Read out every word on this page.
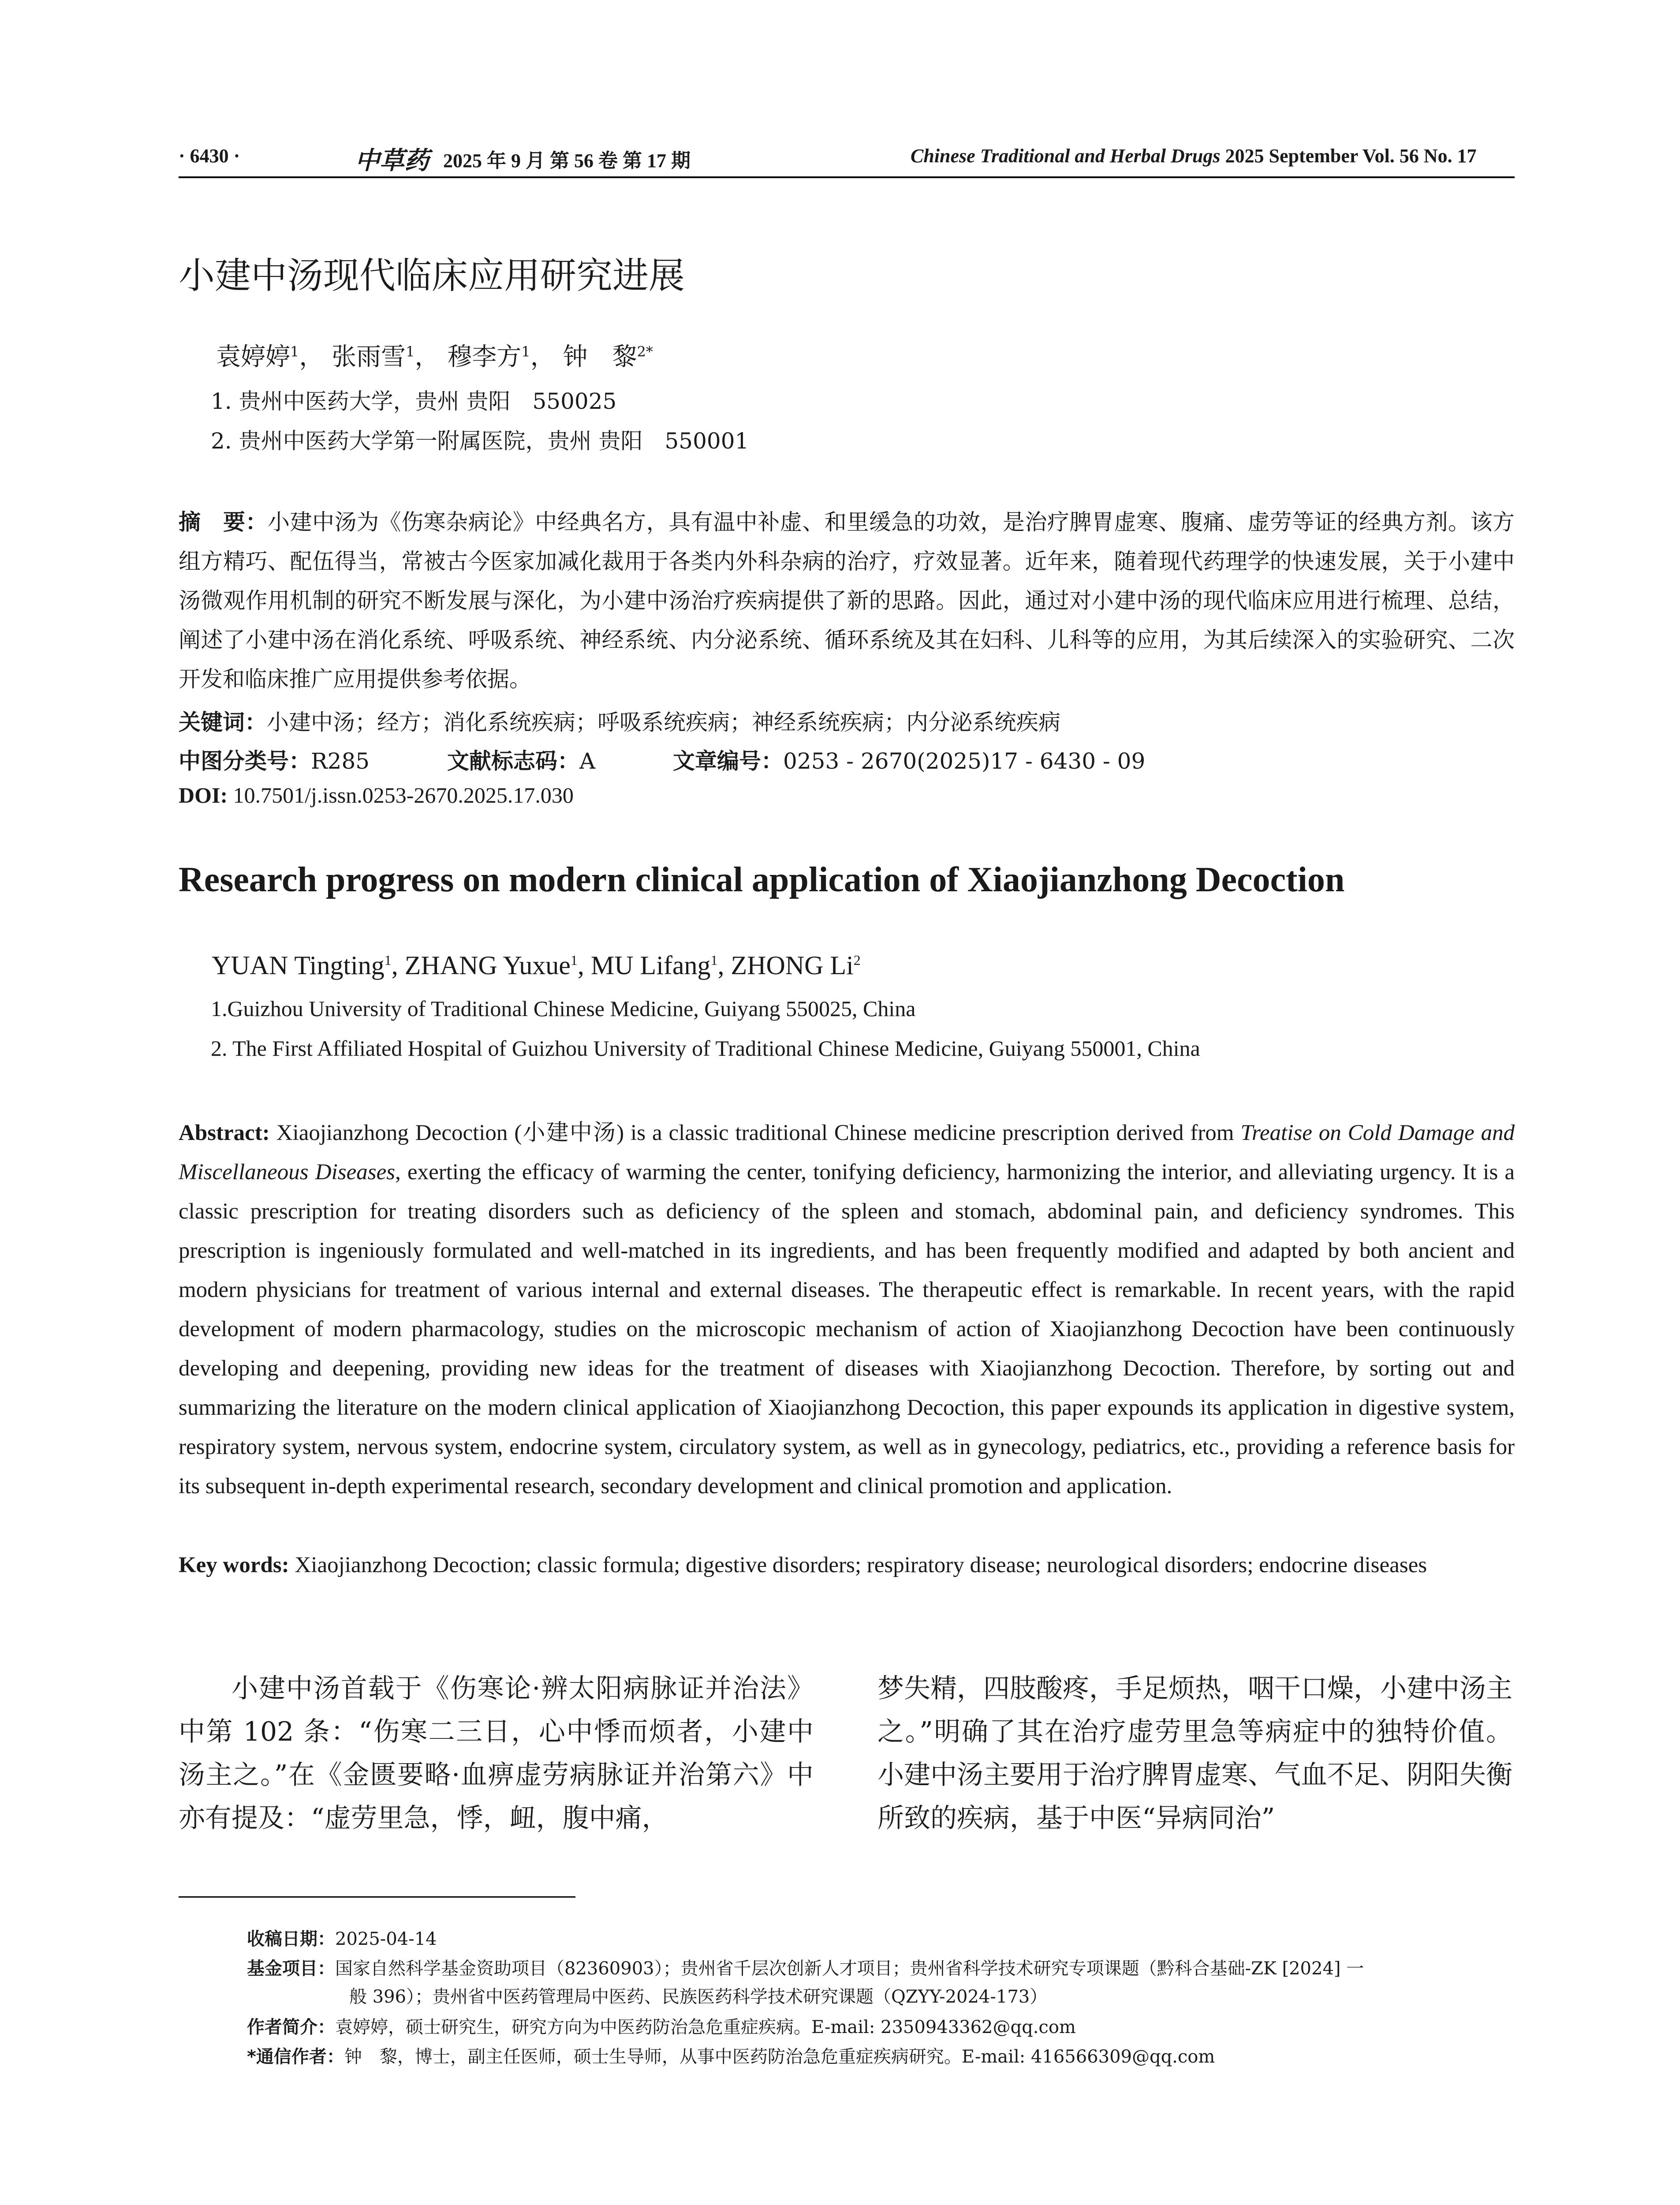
· 6430 ·	中草药 2025 年 9 月 第 56 卷 第 17 期	Chinese Traditional and Herbal Drugs 2025 September Vol. 56 No. 17
小建中汤现代临床应用研究进展
袁婷婷$^1$， 张雨雪$^1$， 穆李方$^1$， 钟　黎$^{2*}$
1. 贵州中医药大学，贵州 贵阳　550025
2. 贵州中医药大学第一附属医院，贵州 贵阳　550001
摘　要：小建中汤为《伤寒杂病论》中经典名方，具有温中补虚、和里缓急的功效，是治疗脾胃虚寒、腹痛、虚劳等证的经典方剂。该方组方精巧、配伍得当，常被古今医家加减化裁用于各类内外科杂病的治疗，疗效显著。近年来，随着现代药理学的快速发展，关于小建中汤微观作用机制的研究不断发展与深化，为小建中汤治疗疾病提供了新的思路。因此，通过对小建中汤的现代临床应用进行梳理、总结，阐述了小建中汤在消化系统、呼吸系统、神经系统、内分泌系统、循环系统及其在妇科、儿科等的应用，为其后续深入的实验研究、二次开发和临床推广应用提供参考依据。
关键词：小建中汤；经方；消化系统疾病；呼吸系统疾病；神经系统疾病；内分泌系统疾病
中图分类号：R285	文献标志码：A	文章编号：0253 - 2670(2025)17 - 6430 - 09
DOI: 10.7501/j.issn.0253-2670.2025.17.030
Research progress on modern clinical application of Xiaojianzhong Decoction
YUAN Tingting$^1$, ZHANG Yuxue$^1$, MU Lifang$^1$, ZHONG Li$^2$
1.Guizhou University of Traditional Chinese Medicine, Guiyang 550025, China
2. The First Affiliated Hospital of Guizhou University of Traditional Chinese Medicine, Guiyang 550001, China
Abstract: Xiaojianzhong Decoction (小建中汤) is a classic traditional Chinese medicine prescription derived from Treatise on Cold Damage and Miscellaneous Diseases, exerting the efficacy of warming the center, tonifying deficiency, harmonizing the interior, and alleviating urgency. It is a classic prescription for treating disorders such as deficiency of the spleen and stomach, abdominal pain, and deficiency syndromes. This prescription is ingeniously formulated and well-matched in its ingredients, and has been frequently modified and adapted by both ancient and modern physicians for treatment of various internal and external diseases. The therapeutic effect is remarkable. In recent years, with the rapid development of modern pharmacology, studies on the microscopic mechanism of action of Xiaojianzhong Decoction have been continuously developing and deepening, providing new ideas for the treatment of diseases with Xiaojianzhong Decoction. Therefore, by sorting out and summarizing the literature on the modern clinical application of Xiaojianzhong Decoction, this paper expounds its application in digestive system, respiratory system, nervous system, endocrine system, circulatory system, as well as in gynecology, pediatrics, etc., providing a reference basis for its subsequent in-depth experimental research, secondary development and clinical promotion and application.
Key words: Xiaojianzhong Decoction; classic formula; digestive disorders; respiratory disease; neurological disorders; endocrine diseases
小建中汤首载于《伤寒论·辨太阳病脉证并治法》中第 102 条：“伤寒二三日，心中悸而烦者，小建中汤主之。”在《金匮要略·血痹虚劳病脉证并治第六》中亦有提及：“虚劳里急，悸，衄，腹中痛，
梦失精，四肢酸疼，手足烦热，咽干口燥，小建中汤主之。”明确了其在治疗虚劳里急等病症中的独特价值。小建中汤主要用于治疗脾胃虚寒、气血不足、阴阳失衡所致的疾病，基于中医“异病同治”
收稿日期：2025-04-14
基金项目：国家自然科学基金资助项目（82360903）；贵州省千层次创新人才项目；贵州省科学技术研究专项课题（黔科合基础-ZK [2024] 一
般 396）；贵州省中医药管理局中医药、民族医药科学技术研究课题（QZYY-2024-173）
作者简介：袁婷婷，硕士研究生，研究方向为中医药防治急危重症疾病。E-mail: 2350943362@qq.com
*通信作者：钟　黎，博士，副主任医师，硕士生导师，从事中医药防治急危重症疾病研究。E-mail: 416566309@qq.com
